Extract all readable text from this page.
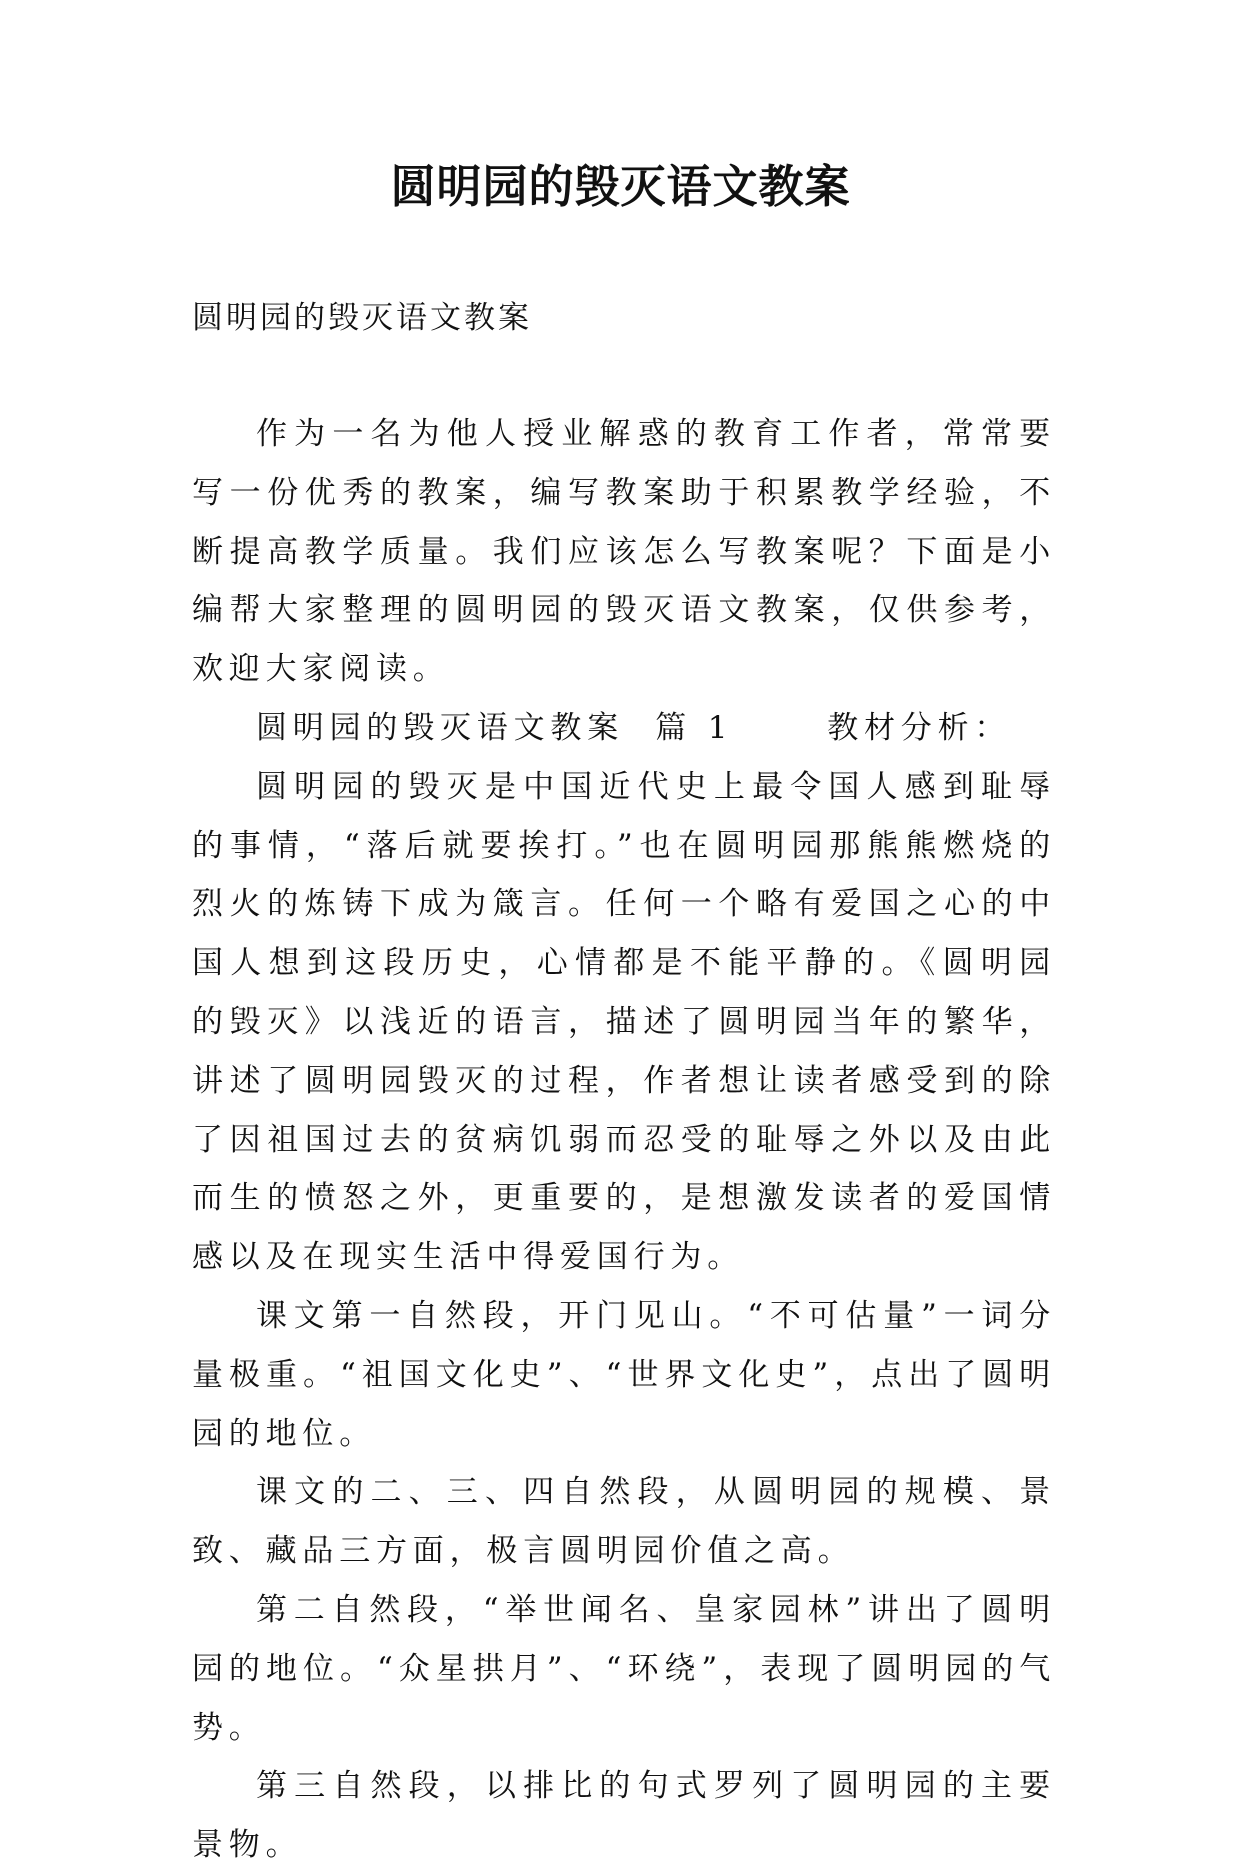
圆明园的毁灭语文教案

圆明园的毁灭语文教案

作为一名为他人授业解惑的教育工作者，常常要写一份优秀的教案，编写教案助于积累教学经验，不断提高教学质量。我们应该怎么写教案呢？下面是小编帮大家整理的圆明园的毁灭语文教案，仅供参考，欢迎大家阅读。

圆明园的毁灭语文教案  篇 1      教材分析：

圆明园的毁灭是中国近代史上最令国人感到耻辱的事情，“落后就要挨打。”也在圆明园那熊熊燃烧的烈火的炼铸下成为箴言。任何一个略有爱国之心的中国人想到这段历史，心情都是不能平静的。《圆明园的毁灭》以浅近的语言，描述了圆明园当年的繁华，讲述了圆明园毁灭的过程，作者想让读者感受到的除了因祖国过去的贫病饥弱而忍受的耻辱之外以及由此而生的愤怒之外，更重要的，是想激发读者的爱国情感以及在现实生活中得爱国行为。

课文第一自然段，开门见山。“不可估量”一词分量极重。“祖国文化史”、“世界文化史”，点出了圆明园的地位。

课文的二、三、四自然段，从圆明园的规模、景致、藏品三方面，极言圆明园价值之高。

第二自然段，“举世闻名、皇家园林”讲出了圆明园的地位。“众星拱月”、“环绕”，表现了圆明园的气势。

第三自然段，以排比的句式罗列了圆明园的主要景物。
